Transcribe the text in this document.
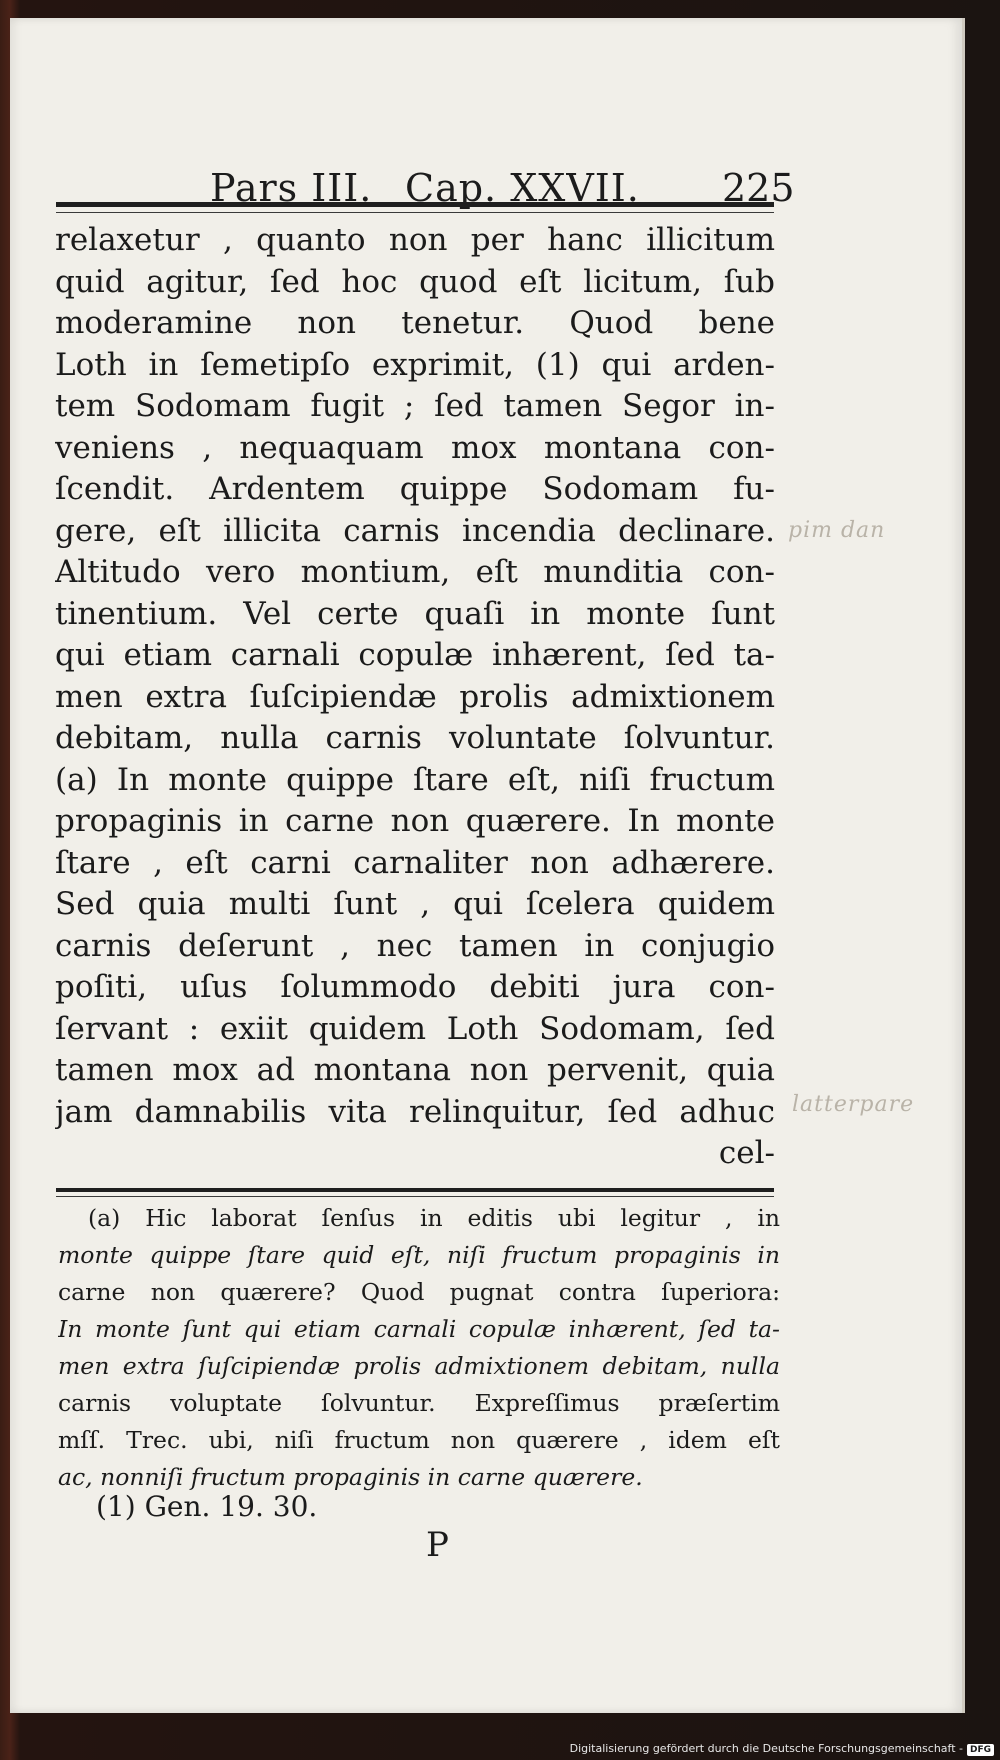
Pars III. Cap. XXVII. 225
relaxetur , quanto non per hanc illicitum
quid agitur, ſed hoc quod eſt licitum, ſub
moderamine non tenetur. Quod bene
Loth in ſemetipſo exprimit, (1) qui arden-
tem Sodomam fugit ; ſed tamen Segor in-
veniens , nequaquam mox montana con-
ſcendit. Ardentem quippe Sodomam fu-
gere, eſt illicita carnis incendia declinare.
Altitudo vero montium, eſt munditia con-
tinentium. Vel certe quaſi in monte ſunt
qui etiam carnali copulæ inhærent, ſed ta-
men extra ſuſcipiendæ prolis admixtionem
debitam, nulla carnis voluntate ſolvuntur.
(a) In monte quippe ſtare eſt, niſi fructum
propaginis in carne non quærere. In monte
ſtare , eſt carni carnaliter non adhærere.
Sed quia multi ſunt , qui ſcelera quidem
carnis deſerunt , nec tamen in conjugio
poſiti, uſus ſolummodo debiti jura con-
ſervant : exiit quidem Loth Sodomam, ſed
tamen mox ad montana non pervenit, quia
jam damnabilis vita relinquitur, ſed adhuc
cel-
(a) Hic laborat ſenſus in editis ubi legitur , in
monte quippe ſtare quid eſt, niſi fructum propaginis in
carne non quærere? Quod pugnat contra ſuperiora:
In monte ſunt qui etiam carnali copulæ inhærent, ſed ta-
men extra ſuſcipiendæ prolis admixtionem debitam, nulla
carnis voluptate ſolvuntur. Expreſſimus præſertim
mſſ. Trec. ubi, niſi fructum non quærere , idem eſt
ac, nonniſi fructum propaginis in carne quærere.
(1) Gen. 19. 30.
P
pim dan
latterpare
Digitalisierung gefördert durch die Deutsche Forschungsgemeinschaft - DFG
